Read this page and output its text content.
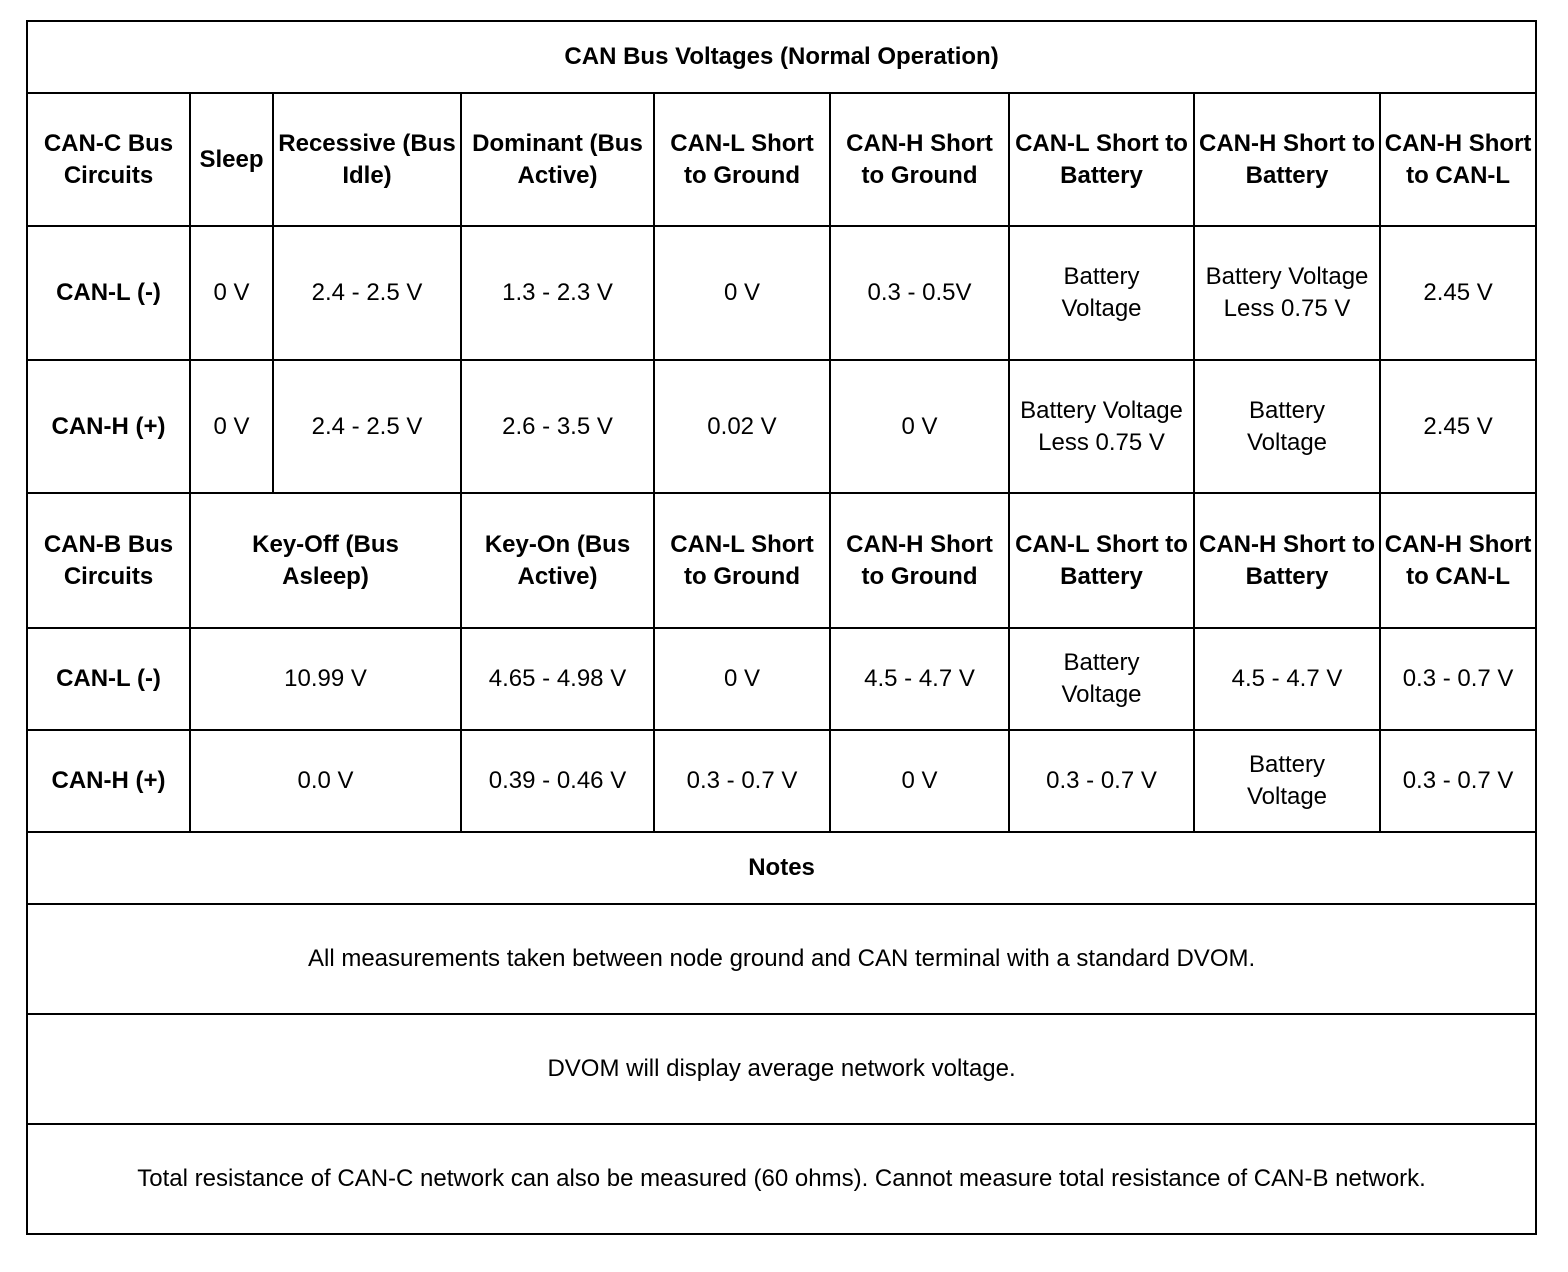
CAN Bus Voltages (Normal Operation)								
CAN-C Bus Circuits	Sleep	Recessive (Bus Idle)	Dominant (Bus Active)	CAN-L Short to Ground	CAN-H Short to Ground	CAN-L Short to Battery	CAN-H Short to Battery	CAN-H Short to CAN-L
CAN-L (-)	0 V	2.4 - 2.5 V	1.3 - 2.3 V	0 V	0.3 - 0.5V	Battery Voltage	Battery Voltage Less 0.75 V	2.45 V
CAN-H (+)	0 V	2.4 - 2.5 V	2.6 - 3.5 V	0.02 V	0 V	Battery Voltage Less 0.75 V	Battery Voltage	2.45 V
CAN-B Bus Circuits	Key-Off (Bus Asleep)		Key-On (Bus Active)	CAN-L Short to Ground	CAN-H Short to Ground	CAN-L Short to Battery	CAN-H Short to Battery	CAN-H Short to CAN-L
CAN-L (-)	10.99 V		4.65 - 4.98 V	0 V	4.5 - 4.7 V	Battery Voltage	4.5 - 4.7 V	0.3 - 0.7 V
CAN-H (+)	0.0 V		0.39 - 0.46 V	0.3 - 0.7 V	0 V	0.3 - 0.7 V	Battery Voltage	0.3 - 0.7 V
Notes								
All measurements taken between node ground and CAN terminal with a standard DVOM.								
DVOM will display average network voltage.								
Total resistance of CAN-C network can also be measured (60 ohms). Cannot measure total resistance of CAN-B network.								
